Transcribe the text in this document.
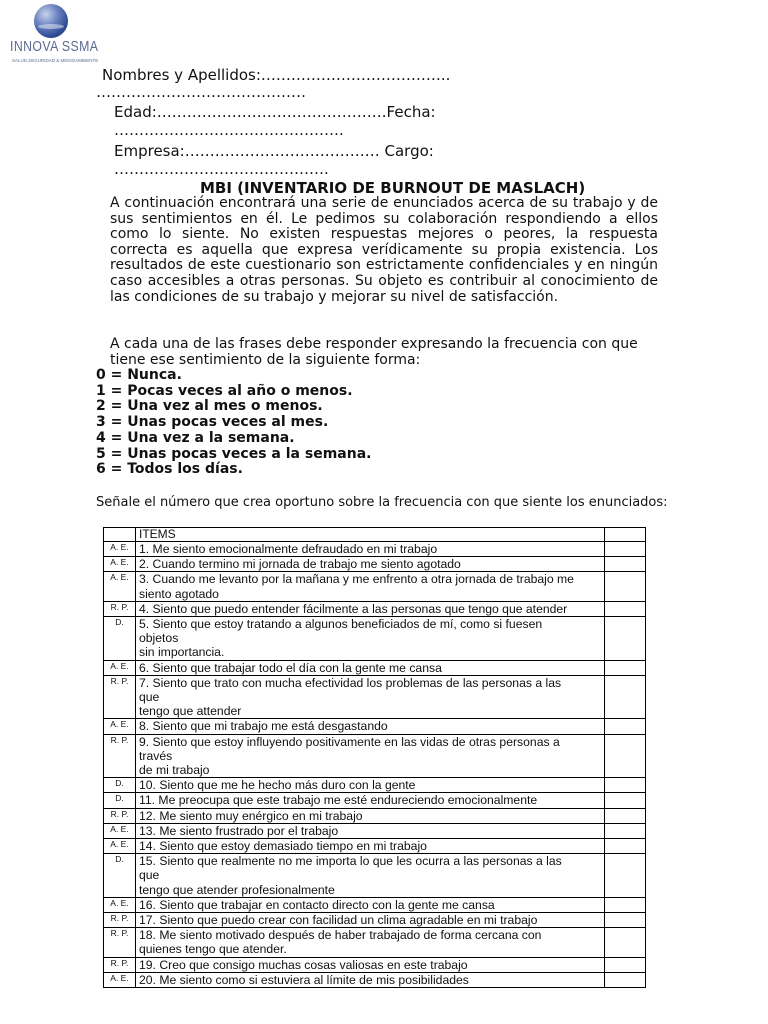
INNOVA SSMA
SALUD,SEGURIDAD & MEDIOAMBIENTE
Nombres y Apellidos:………………………………..
……………………………………
Edad:……………………………………….Fecha:
……………………………………….
Empresa:………………………………… Cargo:
…………………………………….
MBI (INVENTARIO DE BURNOUT DE MASLACH)
A continuación encontrará una serie de enunciados acerca de su trabajo y de sus sentimientos en él. Le pedimos su colaboración respondiendo a ellos como lo siente. No existen respuestas mejores o peores, la respuesta correcta es aquella que expresa verídicamente su propia existencia. Los resultados de este cuestionario son estrictamente confidenciales y en ningún caso accesibles a otras personas. Su objeto es contribuir al conocimiento de las condiciones de su trabajo y mejorar su nivel de satisfacción.
A cada una de las frases debe responder expresando la frecuencia con que tiene ese sentimiento de la siguiente forma:
0 = Nunca.
1 = Pocas veces al año o menos.
2 = Una vez al mes o menos.
3 = Unas pocas veces al mes.
4 = Una vez a la semana.
5 = Unas pocas veces a la semana.
6 = Todos los días.
Señale el número que crea oportuno sobre la frecuencia con que siente los enunciados:
	ITEMS	
A. E.	1. Me siento emocionalmente defraudado en mi trabajo	
A. E.	2. Cuando termino mi jornada de trabajo me siento agotado	
A. E.	3. Cuando me levanto por la mañana y me enfrento a otra jornada de trabajo me
siento agotado	
R. P.	4. Siento que puedo entender fácilmente a las personas que tengo que atender	
D.	5. Siento que estoy tratando a algunos beneficiados de mí, como si fuesen
objetos
sin importancia.	
A. E.	6. Siento que trabajar todo el día con la gente me cansa	
R. P.	7. Siento que trato con mucha efectividad los problemas de las personas a las
que
tengo que attender	
A. E.	8. Siento que mi trabajo me está desgastando	
R. P.	9. Siento que estoy influyendo positivamente en las vidas de otras personas a
través
de mi trabajo	
D.	10. Siento que me he hecho más duro con la gente	
D.	11. Me preocupa que este trabajo me esté endureciendo emocionalmente	
R. P.	12. Me siento muy enérgico en mi trabajo	
A. E.	13. Me siento frustrado por el trabajo	
A. E.	14. Siento que estoy demasiado tiempo en mi trabajo	
D.	15. Siento que realmente no me importa lo que les ocurra a las personas a las
que
tengo que atender profesionalmente	
A. E.	16. Siento que trabajar en contacto directo con la gente me cansa	
R. P.	17. Siento que puedo crear con facilidad un clima agradable en mi trabajo	
R. P.	18. Me siento motivado después de haber trabajado de forma cercana con
quienes tengo que atender.	
R. P.	19. Creo que consigo muchas cosas valiosas en este trabajo	
A. E.	20. Me siento como si estuviera al límite de mis posibilidades	
